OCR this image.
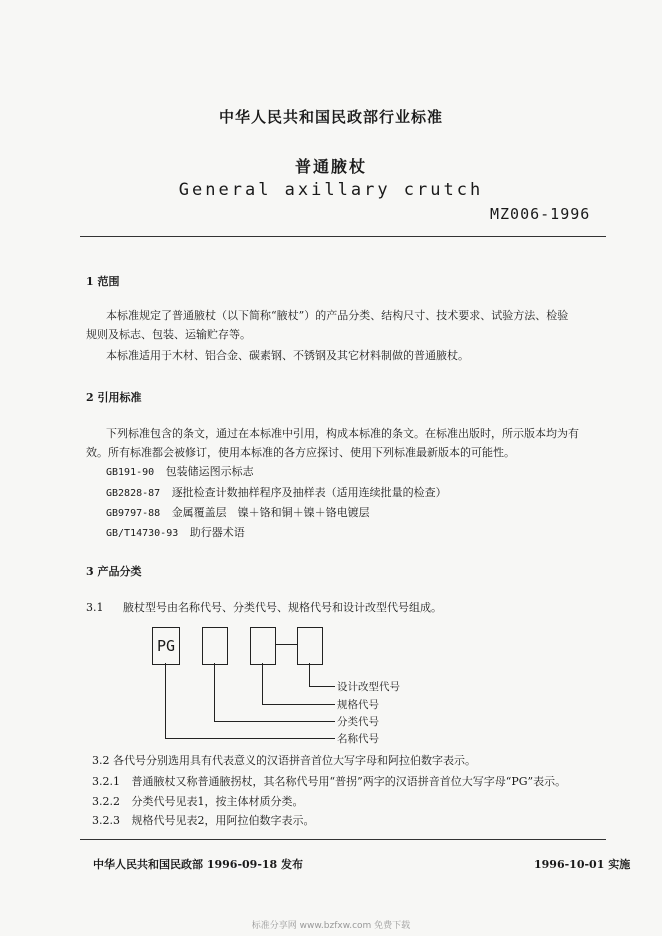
中华人民共和国民政部行业标准
普通腋杖
General axillary crutch
MZ006-1996
1 范围
本标准规定了普通腋杖（以下简称“腋杖”）的产品分类、结构尺寸、技术要求、试验方法、检验
规则及标志、包装、运输贮存等。
本标准适用于木材、铝合金、碳素钢、不锈钢及其它材料制做的普通腋杖。
2 引用标准
下列标准包含的条文，通过在本标准中引用，构成本标准的条文。在标准出版时，所示版本均为有
效。所有标准都会被修订，使用本标准的各方应探讨、使用下列标准最新版本的可能性。
GB191-90 包装储运图示标志
GB2828-87 逐批检查计数抽样程序及抽样表（适用连续批量的检查）
GB9797-88 金属覆盖层　镍＋铬和铜＋镍＋铬电镀层
GB/T14730-93 助行器术语
3 产品分类
3.1 腋杖型号由名称代号、分类代号、规格代号和设计改型代号组成。
PG
设计改型代号
规格代号
分类代号
名称代号
3.2 各代号分别选用具有代表意义的汉语拼音首位大写字母和阿拉伯数字表示。
3.2.1 普通腋杖又称普通腋拐杖，其名称代号用“普拐”两字的汉语拼音首位大写字母“PG”表示。
3.2.2 分类代号见表1，按主体材质分类。
3.2.3 规格代号见表2，用阿拉伯数字表示。
中华人民共和国民政部 1996-09-18 发布	1996-10-01 实施
标准分享网 www.bzfxw.com 免费下载
